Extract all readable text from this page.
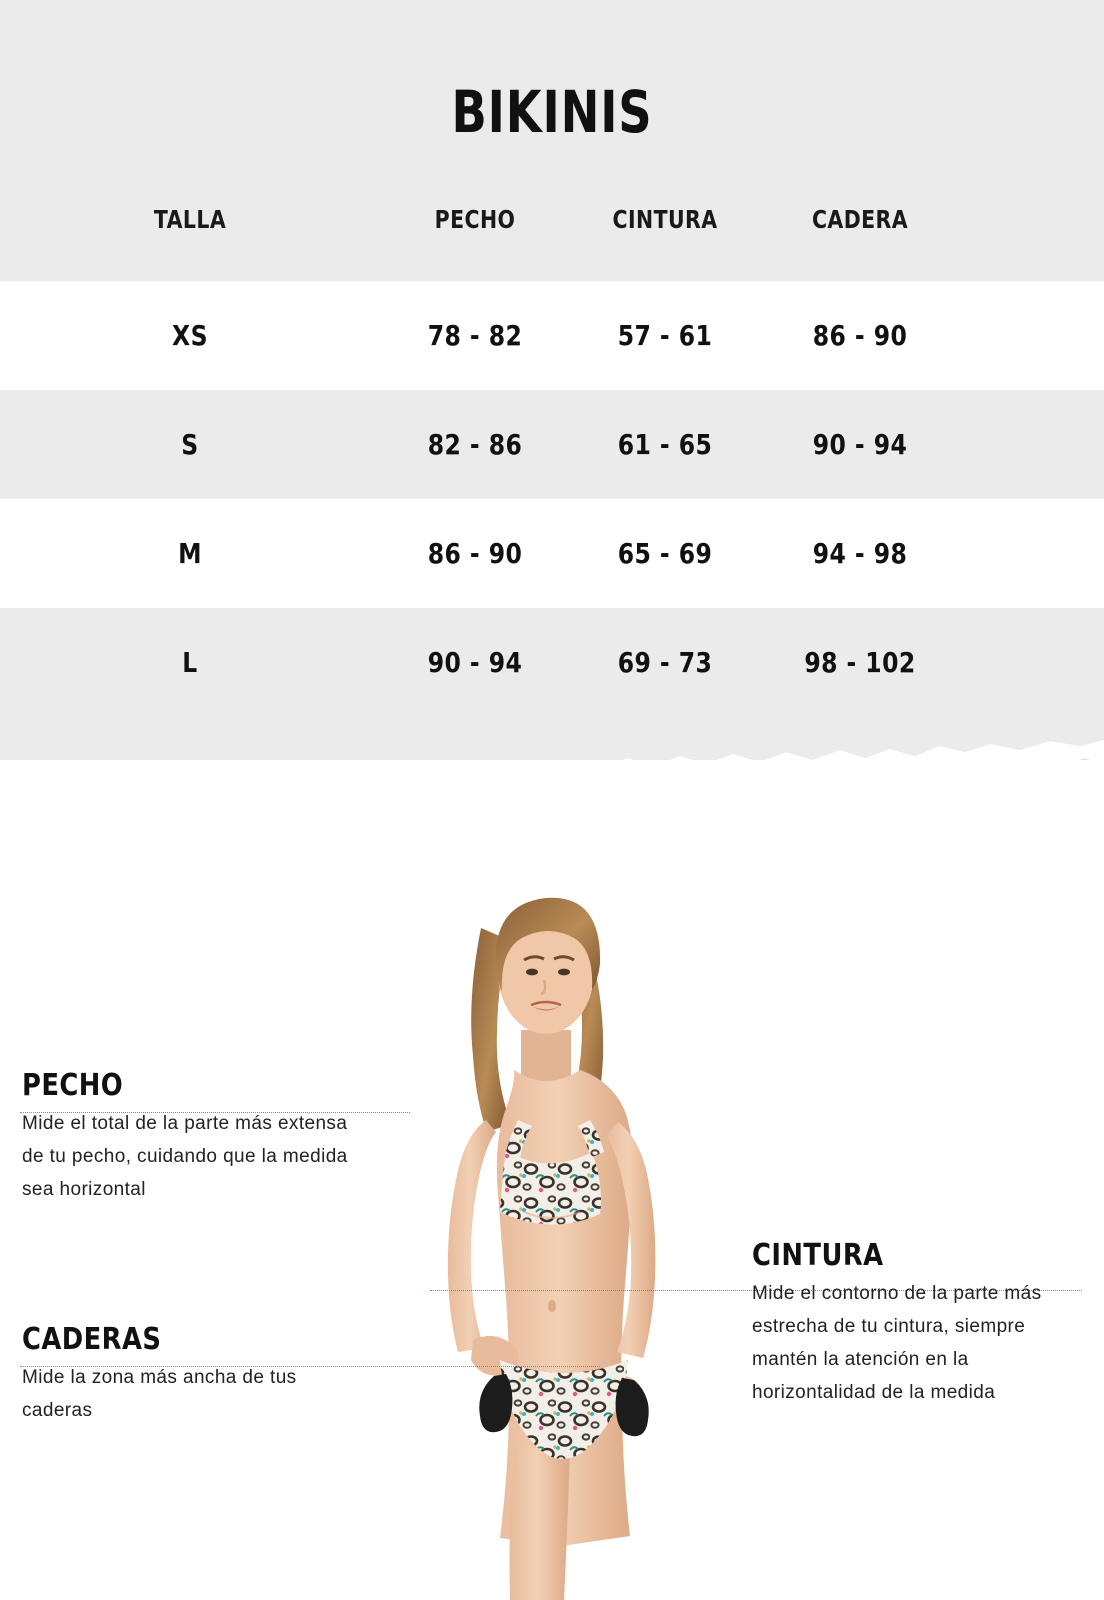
BIKINIS
TALLA	PECHO	CINTURA	CADERA
XS	78 - 82	57 - 61	86 - 90
S	82 - 86	61 - 65	90 - 94
M	86 - 90	65 - 69	94 - 98
L	90 - 94	69 - 73	98 - 102
PECHO
Mide el total de la parte más extensa de tu pecho, cuidando que la medida sea horizontal
CADERAS
Mide la zona más ancha de tus caderas
CINTURA
Mide el contorno de la parte más estrecha de tu cintura, siempre mantén la atención en la horizontalidad de la medida
